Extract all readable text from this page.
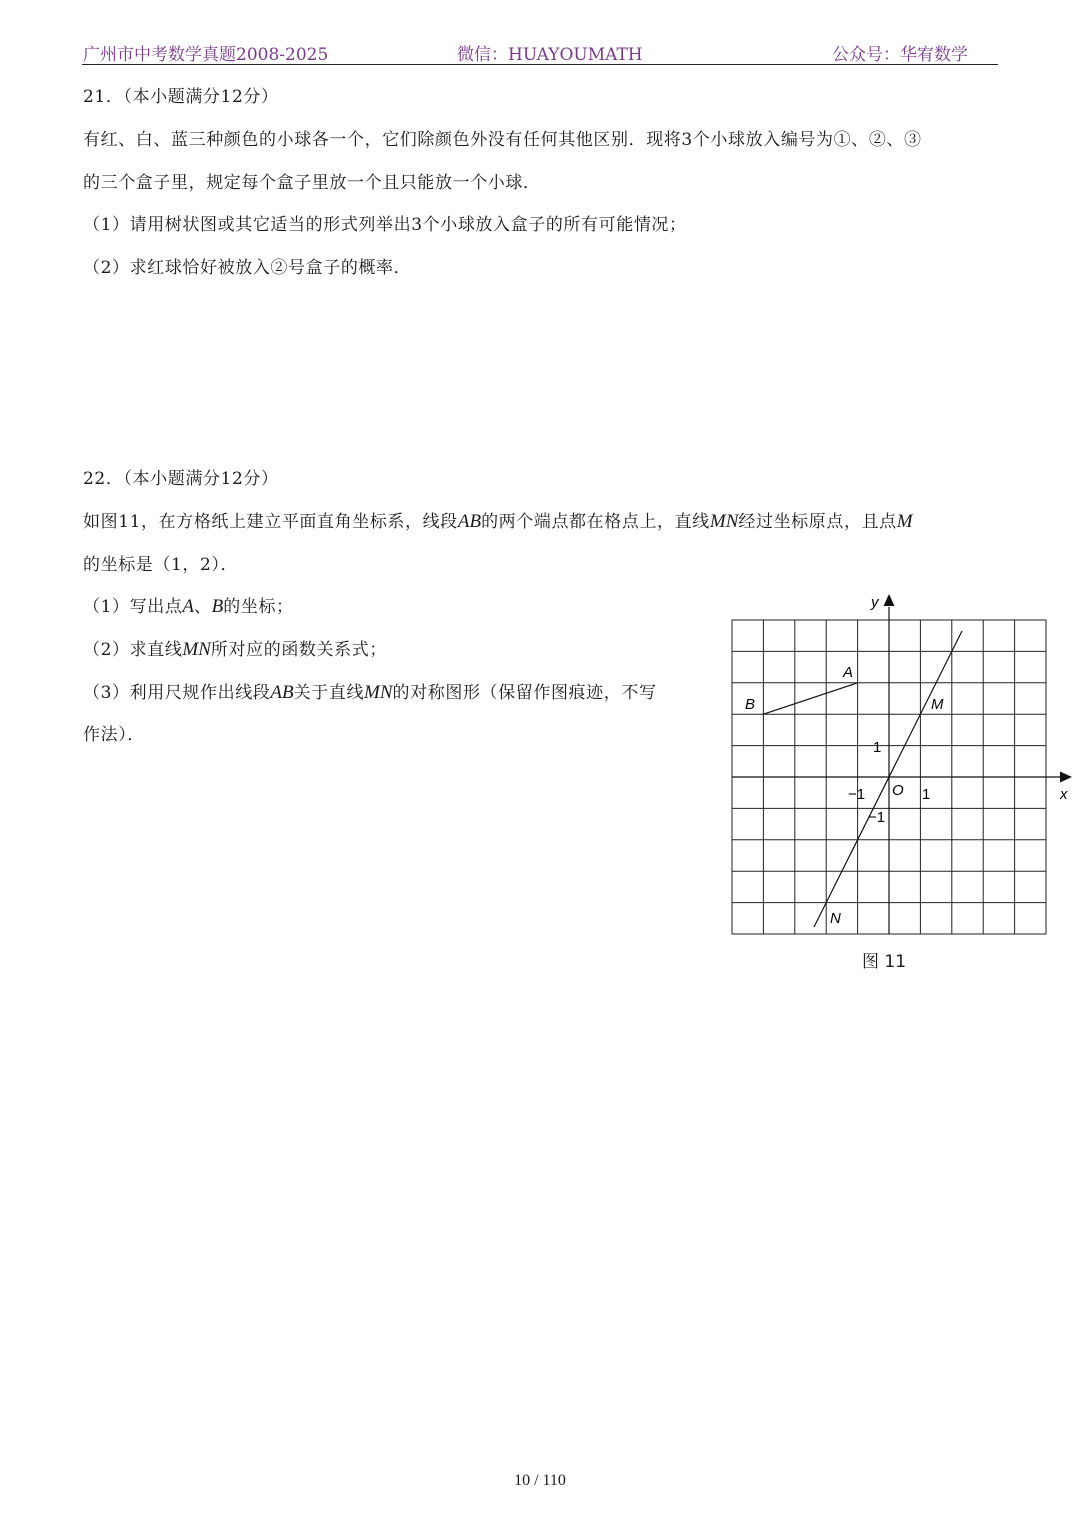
广州市中考数学真题2008-2025	微信：HUAYOUMATH	公众号：华宥数学
21．（本小题满分12分）
有红、白、蓝三种颜色的小球各一个，它们除颜色外没有任何其他区别．现将3个小球放入编号为①、②、③
的三个盒子里，规定每个盒子里放一个且只能放一个小球．
（1）请用树状图或其它适当的形式列举出3个小球放入盒子的所有可能情况；
（2）求红球恰好被放入②号盒子的概率．
22．（本小题满分12分）
如图11，在方格纸上建立平面直角坐标系，线段AB的两个端点都在格点上，直线MN经过坐标原点，且点M
的坐标是（1，2）．
（1）写出点A、B的坐标；
（2）求直线MN所对应的函数关系式；
（3）利用尺规作出线段AB关于直线MN的对称图形（保留作图痕迹，不写
作法）．
y
x
O 1
1
−1
−1
A
B	M
N
图 11
10 / 110
